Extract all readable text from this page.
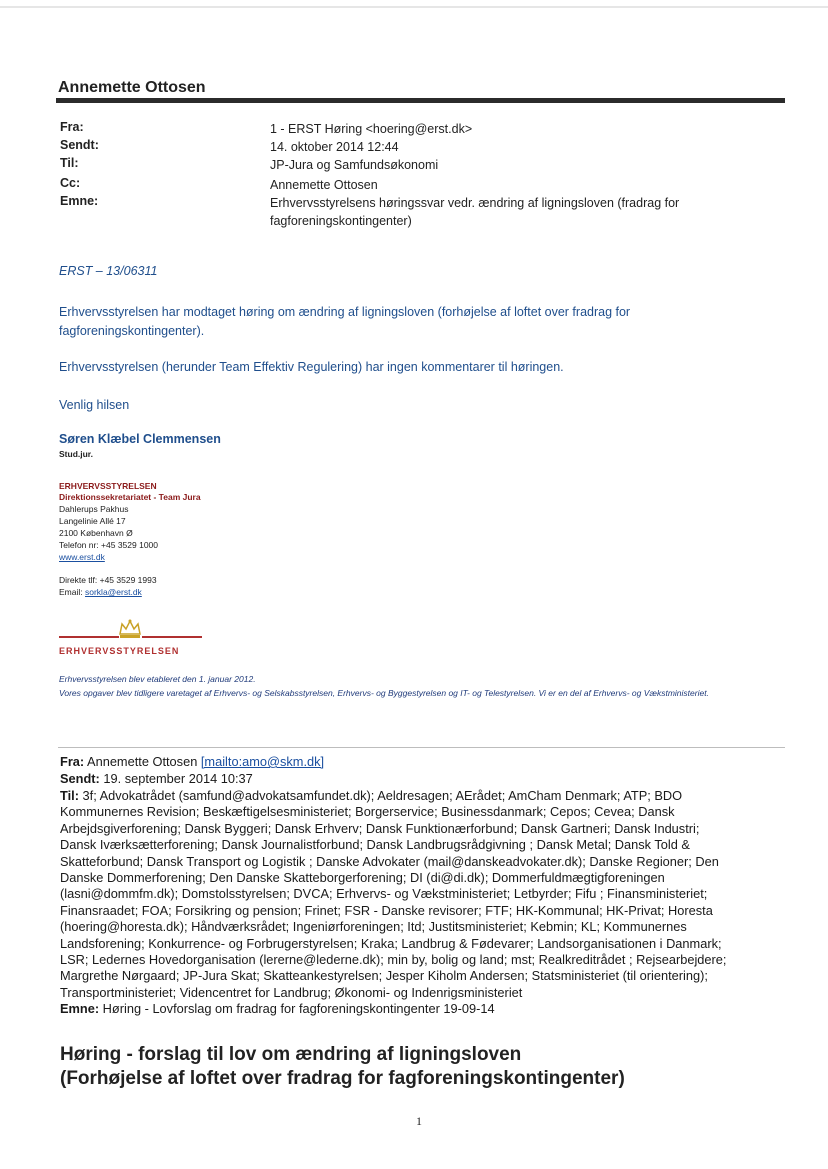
Annemette Ottosen
Fra:	1 - ERST Høring <hoering@erst.dk>
Sendt:	14. oktober 2014 12:44
Til:	JP-Jura og Samfundsøkonomi
Cc:	Annemette Ottosen
Emne:	Erhvervsstyrelsens høringssvar vedr. ændring af ligningsloven (fradrag for fagforeningskontingenter)
ERST – 13/06311
Erhvervsstyrelsen har modtaget høring om ændring af ligningsloven (forhøjelse af loftet over fradrag for fagforeningskontingenter).
Erhvervsstyrelsen (herunder Team Effektiv Regulering) har ingen kommentarer til høringen.
Venlig hilsen
Søren Klæbel Clemmensen
Stud.jur.
ERHVERVSSTYRELSEN
Direktionssekretariatet - Team Jura
Dahlerups Pakhus
Langelinie Allé 17
2100 København Ø
Telefon nr: +45 3529 1000
www.erst.dk
Direkte tlf: +45 3529 1993
Email: sorkla@erst.dk
ERHVERVSSTYRELSEN
Erhvervsstyrelsen blev etableret den 1. januar 2012.
Vores opgaver blev tidligere varetaget af Erhvervs- og Selskabsstyrelsen, Erhvervs- og Byggestyrelsen og IT- og Telestyrelsen. Vi er en del af Erhvervs- og Vækstministeriet.
Fra: Annemette Ottosen [mailto:amo@skm.dk]
Sendt: 19. september 2014 10:37
Til: 3f; Advokatrådet (samfund@advokatsamfundet.dk); Aeldresagen; AErådet; AmCham Denmark; ATP; BDO
Kommunernes Revision; Beskæftigelsesministeriet; Borgerservice; Businessdanmark; Cepos; Cevea; Dansk
Arbejdsgiverforening; Dansk Byggeri; Dansk Erhverv; Dansk Funktionærforbund; Dansk Gartneri; Dansk Industri;
Dansk Iværksætterforening; Dansk Journalistforbund; Dansk Landbrugsrådgivning ; Dansk Metal; Dansk Told &
Skatteforbund; Dansk Transport og Logistik ; Danske Advokater (mail@danskeadvokater.dk); Danske Regioner; Den
Danske Dommerforening; Den Danske Skatteborgerforening; DI (di@di.dk); Dommerfuldmægtigforeningen
(lasni@dommfm.dk); Domstolsstyrelsen; DVCA; Erhvervs- og Vækstministeriet; Letbyrder; Fifu ; Finansministeriet;
Finansraadet; FOA; Forsikring og pension; Frinet; FSR - Danske revisorer; FTF; HK-Kommunal; HK-Privat; Horesta
(hoering@horesta.dk); Håndværksrådet; Ingeniørforeningen; Itd; Justitsministeriet; Kebmin; KL; Kommunernes
Landsforening; Konkurrence- og Forbrugerstyrelsen; Kraka; Landbrug & Fødevarer; Landsorganisationen i Danmark;
LSR; Ledernes Hovedorganisation (lererne@lederne.dk); min by, bolig og land; mst; Realkreditrådet ; Rejsearbejdere;
Margrethe Nørgaard; JP-Jura Skat; Skatteankestyrelsen; Jesper Kiholm Andersen; Statsministeriet (til orientering);
Transportministeriet; Videncentret for Landbrug; Økonomi- og Indenrigsministeriet
Emne: Høring - Lovforslag om fradrag for fagforeningskontingenter 19-09-14
Høring - forslag til lov om ændring af ligningsloven
(Forhøjelse af loftet over fradrag for fagforeningskontingenter)
1
